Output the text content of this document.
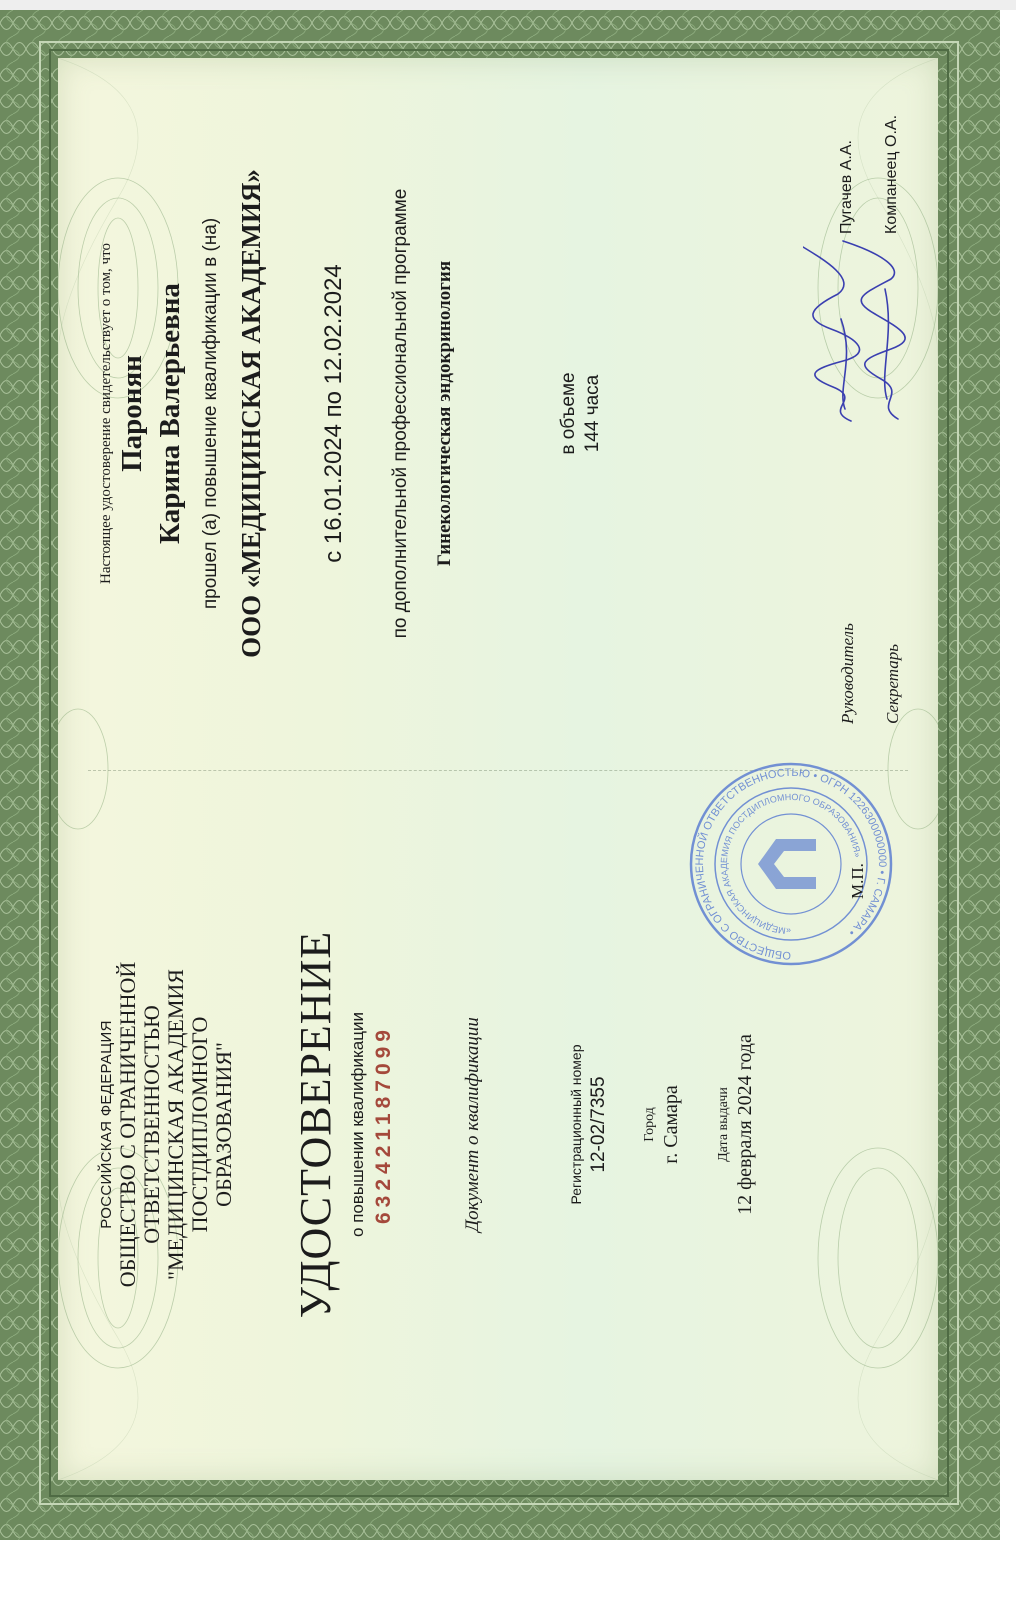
РОССИЙСКАЯ ФЕДЕРАЦИЯ ОБЩЕСТВО С ОГРАНИЧЕННОЙ ОТВЕТСТВЕННОСТЬЮ "МЕДИЦИНСКАЯ АКАДЕМИЯ ПОСТДИПЛОМНОГО ОБРАЗОВАНИЯ" УДОСТОВЕРЕНИЕ о повышении квалификации 632421187099	Документ о квалификации	Регистрационный номер 12-02/7355 Город г. Самара Дата выдачи 12 февраля 2024 года
Настоящее удостоверение свидетельствует о том, что Паронян Карина Валерьевна прошел (а) повышение квалификации в (на) ООО «МЕДИЦИНСКАЯ АКАДЕМИЯ» с 16.01.2024 по 12.02.2024 по дополнительной профессиональной программе Гинекологическая эндокринология	в объеме 144 часа
ОБЩЕСТВО С ОГРАНИЧЕННОЙ ОТВЕТСТВЕННОСТЬЮ • ОГРН 1226300000000 • Г. САМАРА •
«МЕДИЦИНСКАЯ АКАДЕМИЯ ПОСТДИПЛОМНОГО ОБРАЗОВАНИЯ»
М.П.
Руководитель Секретарь
Пугачев А.А. Компанеец О.А.
